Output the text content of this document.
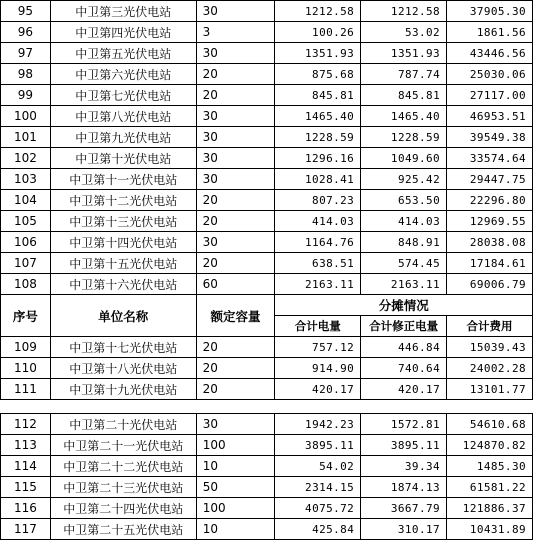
95	中卫第三光伏电站	30	1212.58	1212.58	37905.30
96	中卫第四光伏电站	3	100.26	53.02	1861.56
97	中卫第五光伏电站	30	1351.93	1351.93	43446.56
98	中卫第六光伏电站	20	875.68	787.74	25030.06
99	中卫第七光伏电站	20	845.81	845.81	27117.00
100	中卫第八光伏电站	30	1465.40	1465.40	46953.51
101	中卫第九光伏电站	30	1228.59	1228.59	39549.38
102	中卫第十光伏电站	30	1296.16	1049.60	33574.64
103	中卫第十一光伏电站	30	1028.41	925.42	29447.75
104	中卫第十二光伏电站	20	807.23	653.50	22296.80
105	中卫第十三光伏电站	20	414.03	414.03	12969.55
106	中卫第十四光伏电站	30	1164.76	848.91	28038.08
107	中卫第十五光伏电站	20	638.51	574.45	17184.61
108	中卫第十六光伏电站	60	2163.11	2163.11	69006.79
序号	单位名称	额定容量	分摊情况		
			合计电量	合计修正电量	合计费用
109	中卫第十七光伏电站	20	757.12	446.84	15039.43
110	中卫第十八光伏电站	20	914.90	740.64	24002.28
111	中卫第十九光伏电站	20	420.17	420.17	13101.77
112	中卫第二十光伏电站	30	1942.23	1572.81	54610.68
113	中卫第二十一光伏电站	100	3895.11	3895.11	124870.82
114	中卫第二十二光伏电站	10	54.02	39.34	1485.30
115	中卫第二十三光伏电站	50	2314.15	1874.13	61581.22
116	中卫第二十四光伏电站	100	4075.72	3667.79	121886.37
117	中卫第二十五光伏电站	10	425.84	310.17	10431.89
